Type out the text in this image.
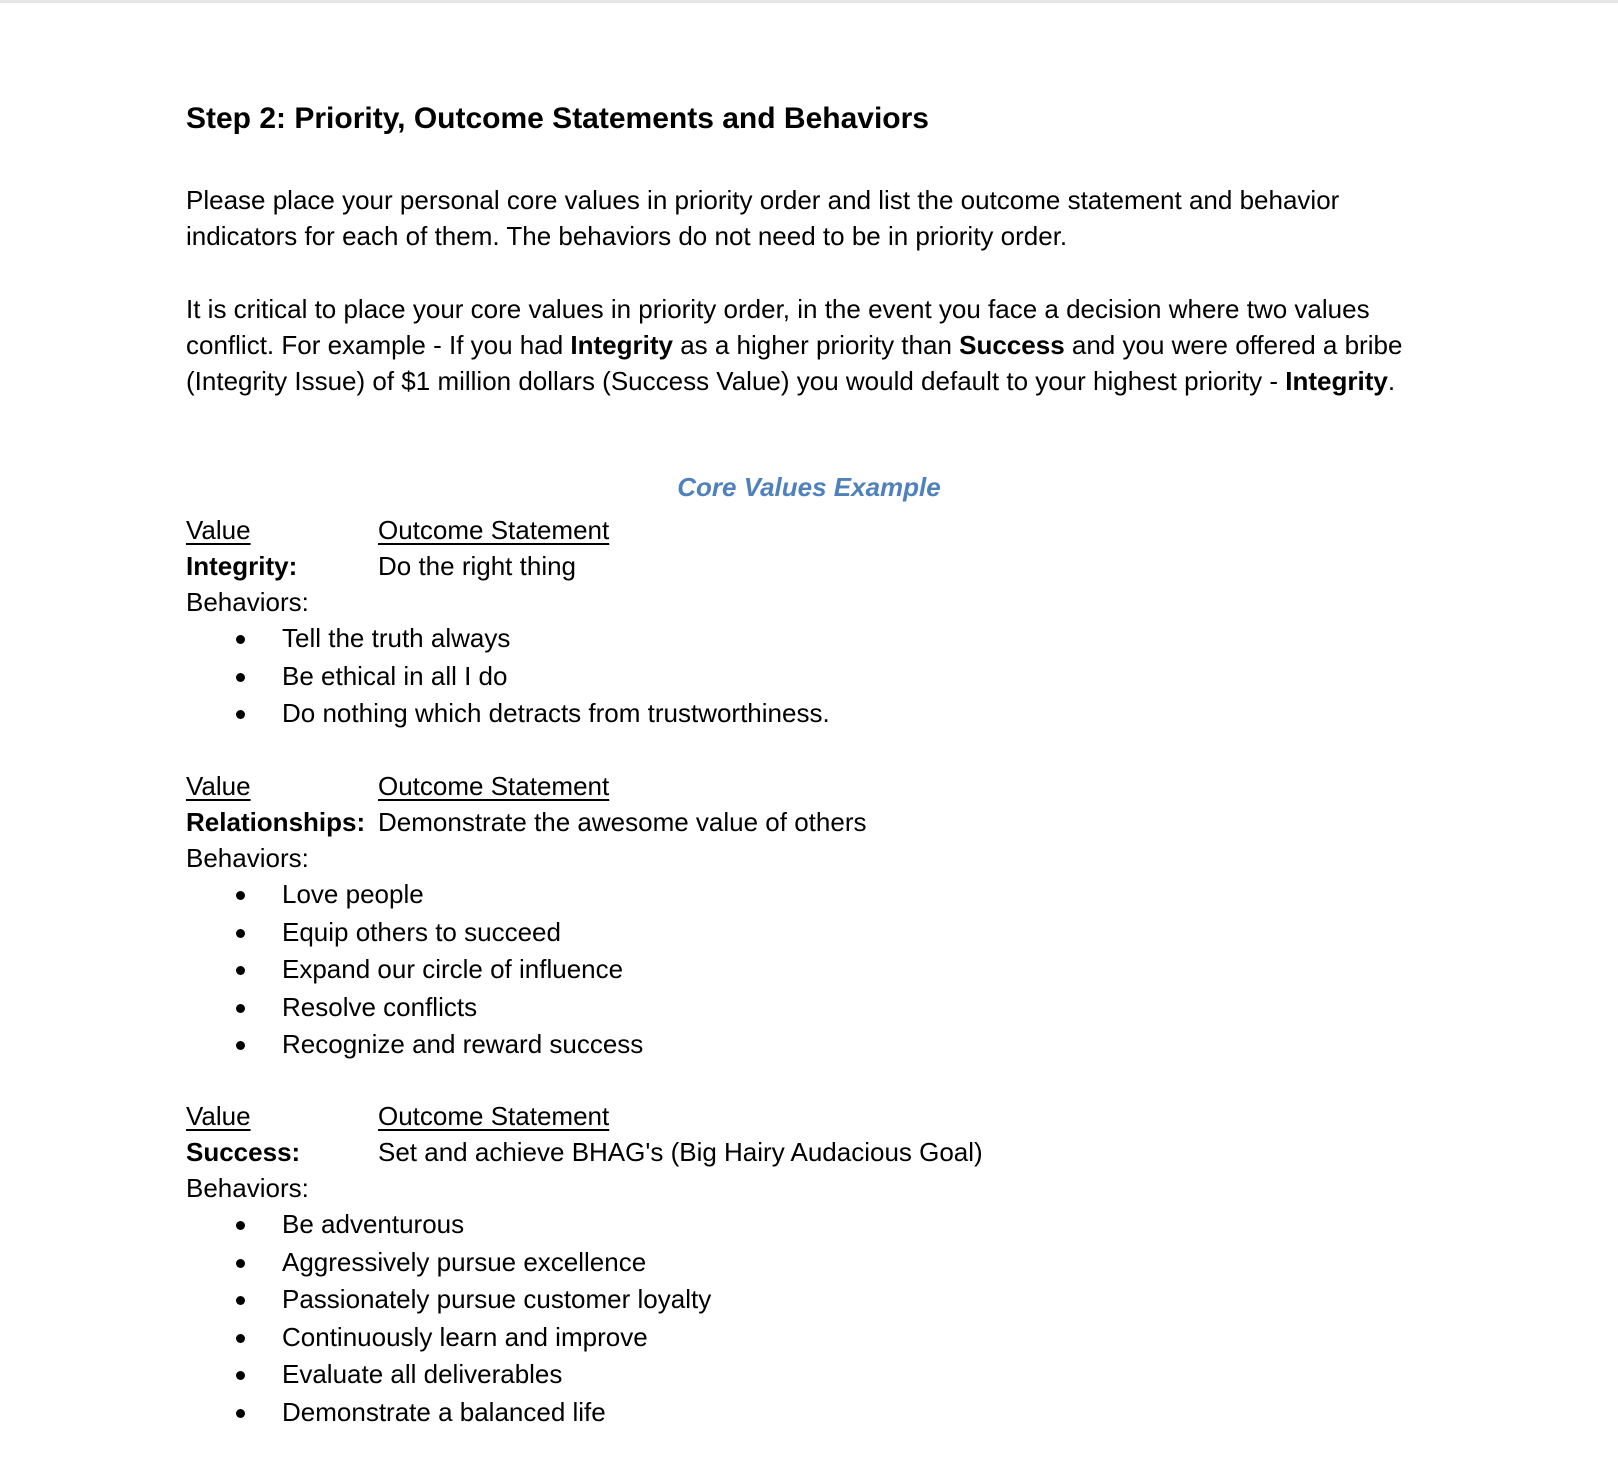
Step 2: Priority, Outcome Statements and Behaviors

Please place your personal core values in priority order and list the outcome statement and behavior indicators for each of them. The behaviors do not need to be in priority order.

It is critical to place your core values in priority order, in the event you face a decision where two values conflict. For example - If you had Integrity as a higher priority than Success and you were offered a bribe (Integrity Issue) of $1 million dollars (Success Value) you would default to your highest priority - Integrity.

Core Values Example
Value	Outcome Statement
Integrity:	Do the right thing
Behaviors:
Tell the truth always
Be ethical in all I do
Do nothing which detracts from trustworthiness.
Value	Outcome Statement
Relationships: Demonstrate the awesome value of others
Behaviors:
Love people
Equip others to succeed
Expand our circle of influence
Resolve conflicts
Recognize and reward success
Value	Outcome Statement
Success:	Set and achieve BHAG's (Big Hairy Audacious Goal)
Behaviors:
Be adventurous
Aggressively pursue excellence
Passionately pursue customer loyalty
Continuously learn and improve
Evaluate all deliverables
Demonstrate a balanced life
